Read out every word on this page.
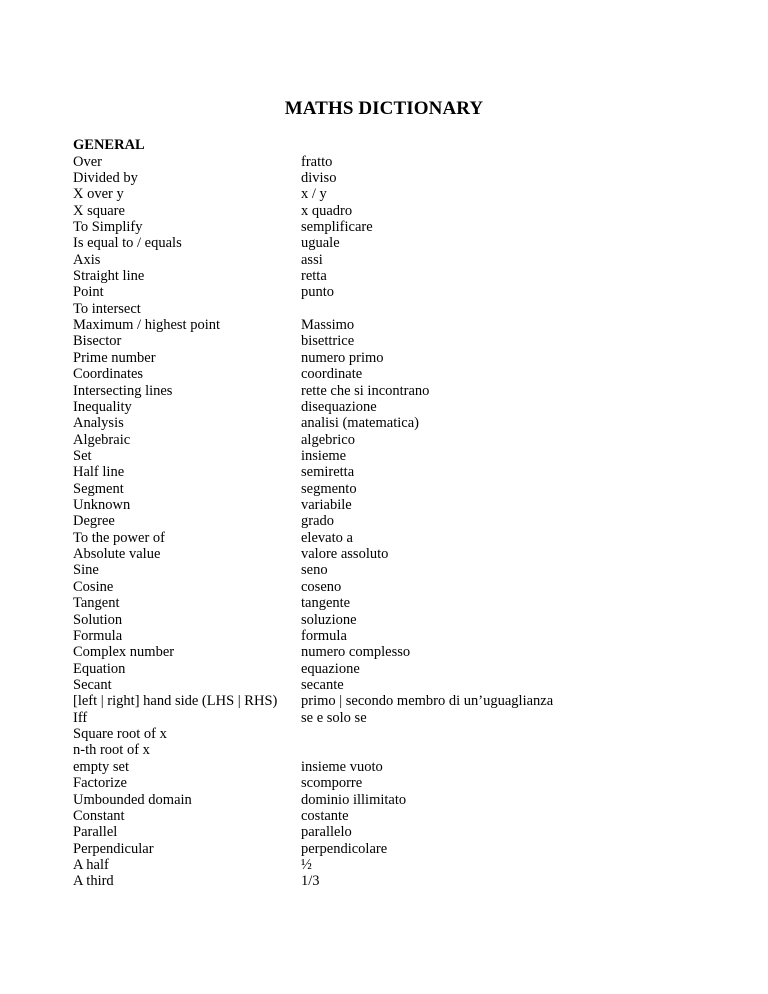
MATHS DICTIONARY
GENERAL
Over	fratto
Divided by	diviso
X over y	x / y
X square	x quadro
To Simplify	semplificare
Is equal to / equals	uguale
Axis	assi
Straight line	retta
Point	punto
To intersect
Maximum / highest point	Massimo
Bisector	bisettrice
Prime number	numero primo
Coordinates	coordinate
Intersecting lines	rette che si incontrano
Inequality	disequazione
Analysis	analisi (matematica)
Algebraic	algebrico
Set	insieme
Half line	semiretta
Segment	segmento
Unknown	variabile
Degree	grado
To the power of	elevato a
Absolute value	valore assoluto
Sine	seno
Cosine	coseno
Tangent	tangente
Solution	soluzione
Formula	formula
Complex number	numero complesso
Equation	equazione
Secant	secante
[left | right] hand side (LHS | RHS)	primo | secondo membro di un’uguaglianza
Iff	se e solo se
Square root of x
n-th root of x
empty set	insieme vuoto
Factorize	scomporre
Umbounded domain	dominio illimitato
Constant	costante
Parallel	parallelo
Perpendicular	perpendicolare
A half	½
A third	1/3
